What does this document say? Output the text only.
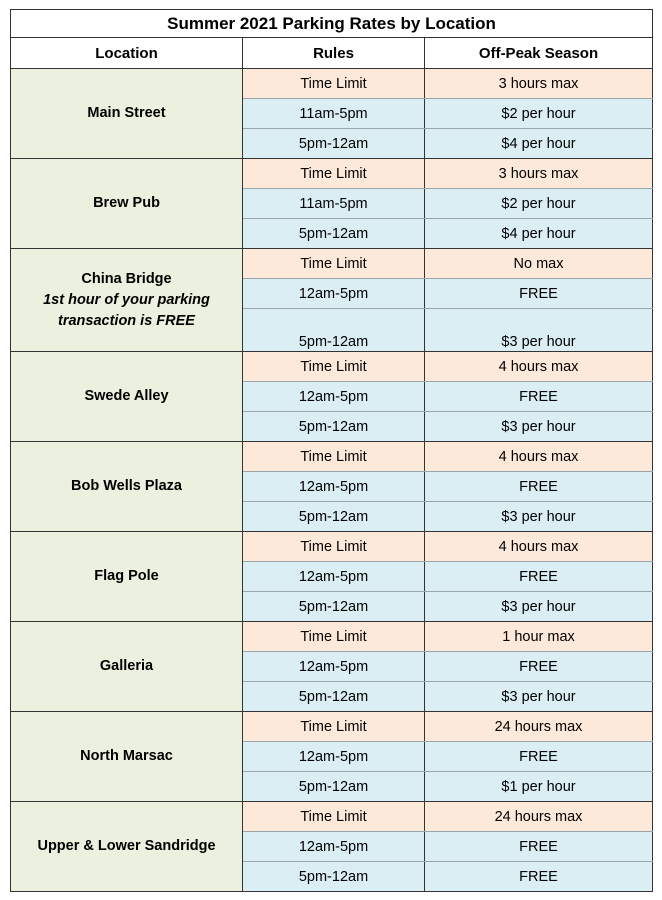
Summer 2021 Parking Rates by Location		
Location	Rules	Off-Peak Season
Main Street	Time Limit	3 hours max
	11am-5pm	$2 per hour
	5pm-12am	$4 per hour
Brew Pub	Time Limit	3 hours max
	11am-5pm	$2 per hour
	5pm-12am	$4 per hour
China Bridge
1st hour of your parking transaction is FREE	Time Limit	No max
	12am-5pm	FREE
	5pm-12am	$3 per hour
Swede Alley	Time Limit	4 hours max
	12am-5pm	FREE
	5pm-12am	$3 per hour
Bob Wells Plaza	Time Limit	4 hours max
	12am-5pm	FREE
	5pm-12am	$3 per hour
Flag Pole	Time Limit	4 hours max
	12am-5pm	FREE
	5pm-12am	$3 per hour
Galleria	Time Limit	1 hour max
	12am-5pm	FREE
	5pm-12am	$3 per hour
North Marsac	Time Limit	24 hours max
	12am-5pm	FREE
	5pm-12am	$1 per hour
Upper & Lower Sandridge	Time Limit	24 hours max
	12am-5pm	FREE
	5pm-12am	FREE
